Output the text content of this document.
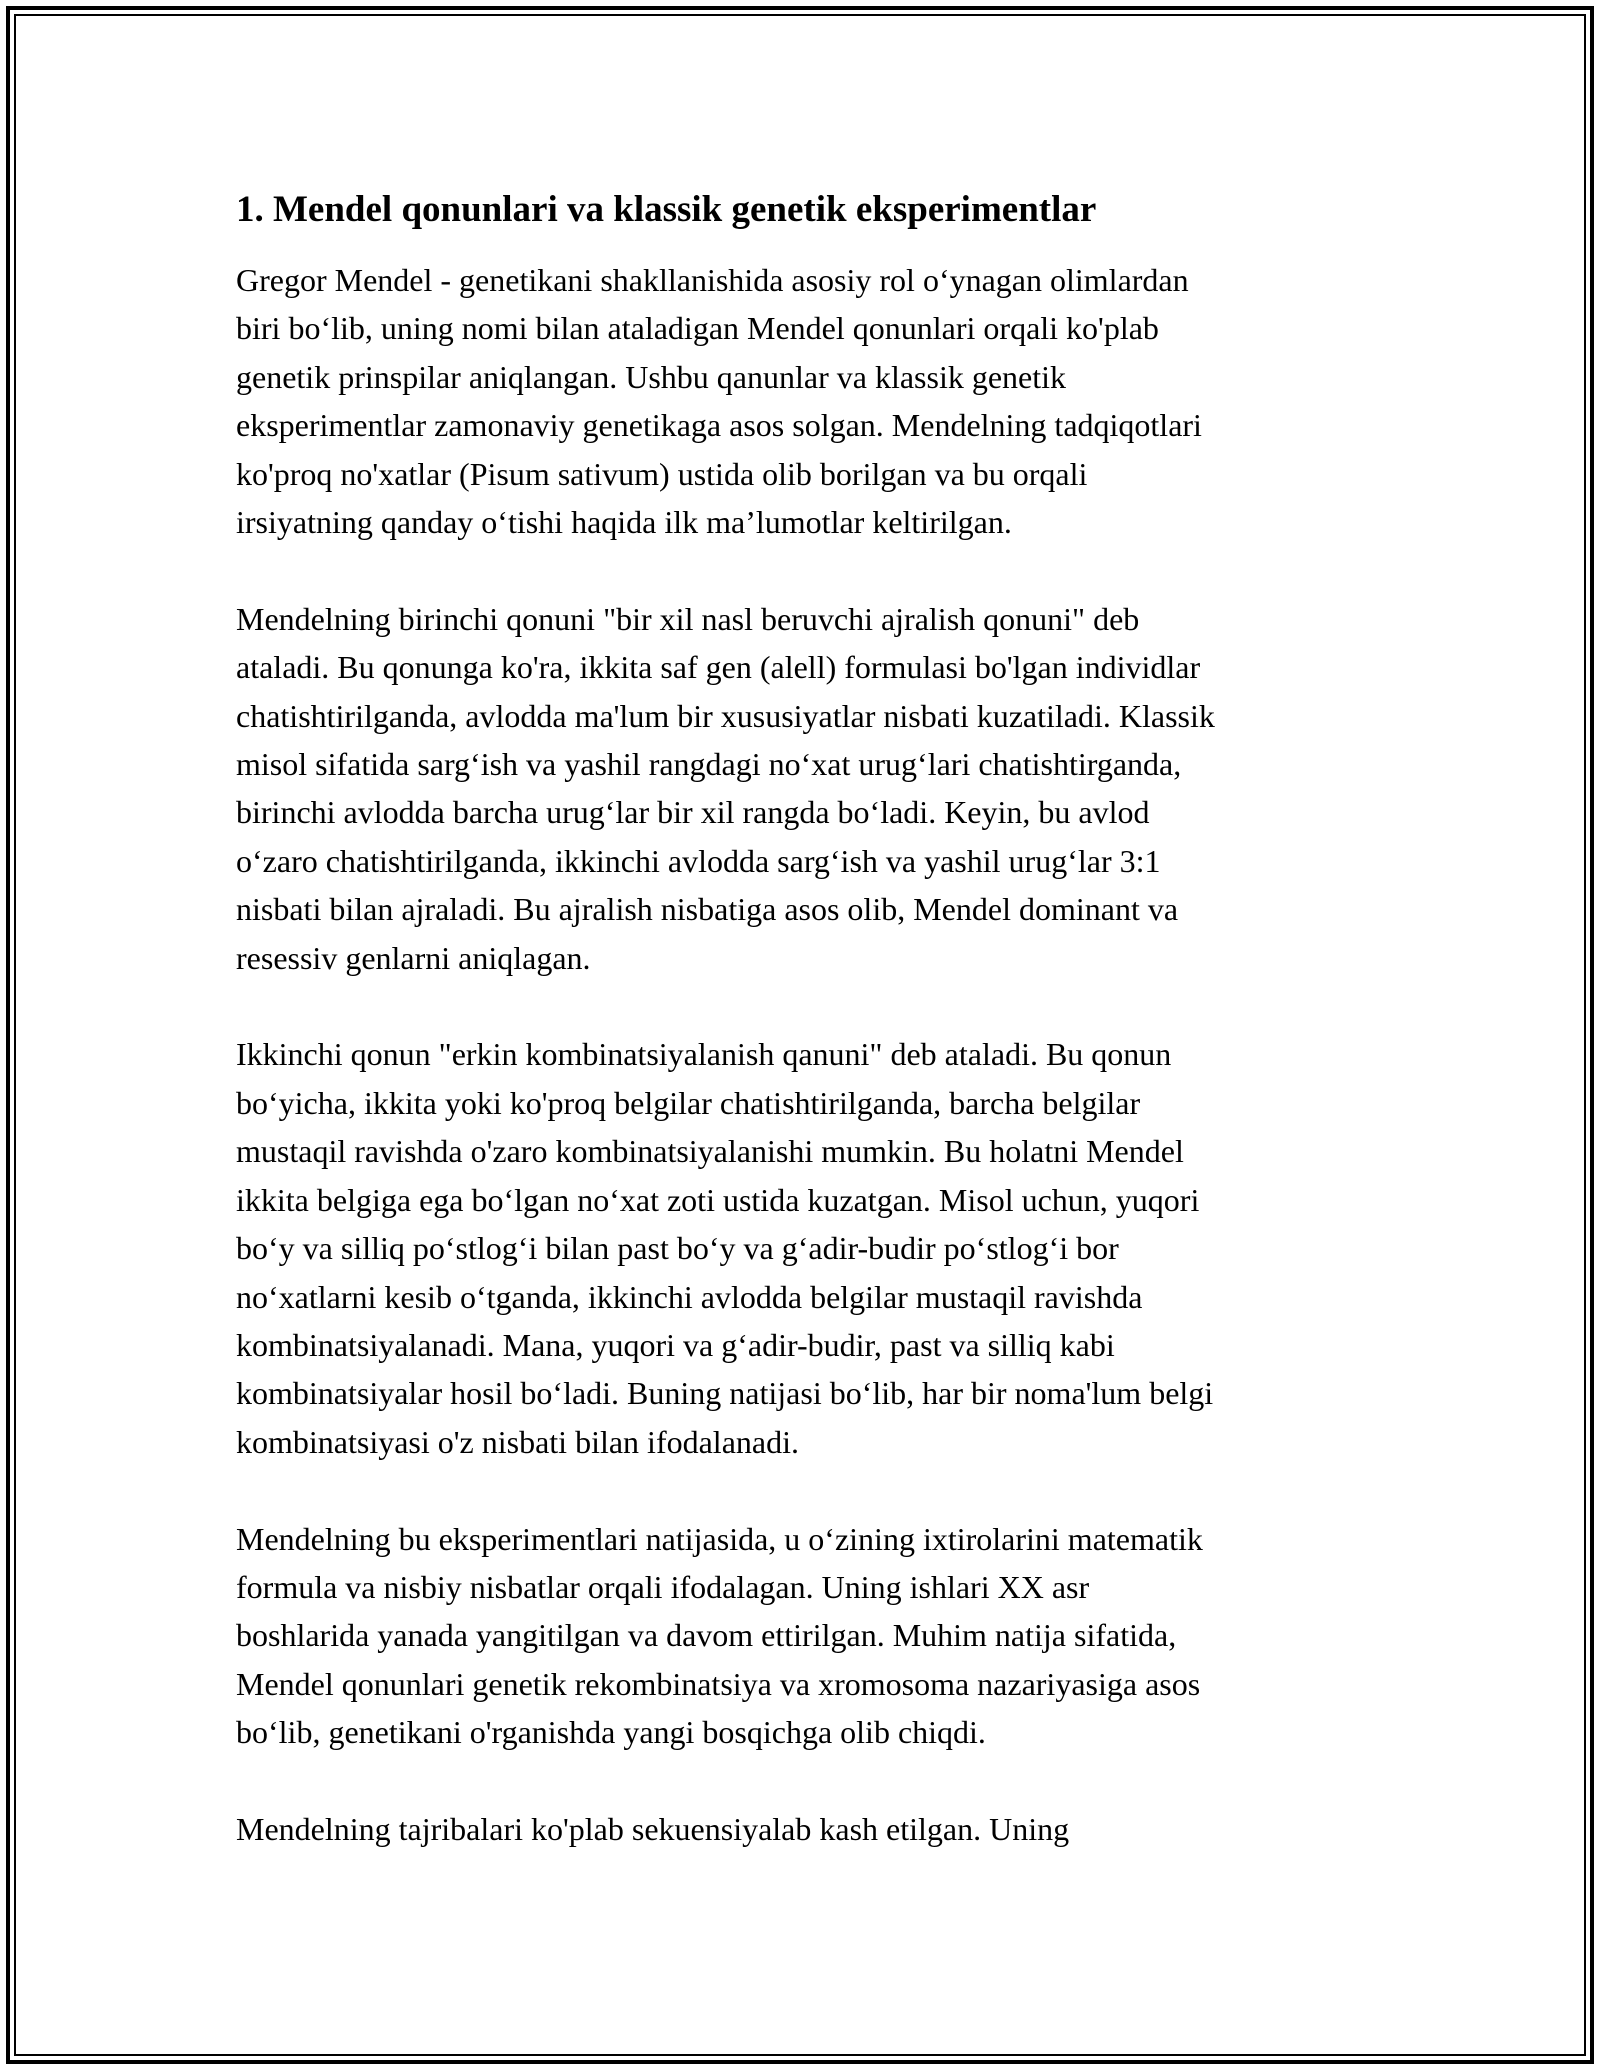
1. Mendel qonunlari va klassik genetik eksperimentlar

Gregor Mendel - genetikani shakllanishida asosiy rol o‘ynagan olimlardan
biri bo‘lib, uning nomi bilan ataladigan Mendel qonunlari orqali ko'plab
genetik prinspilar aniqlangan. Ushbu qanunlar va klassik genetik
eksperimentlar zamonaviy genetikaga asos solgan. Mendelning tadqiqotlari
ko'proq no'xatlar (Pisum sativum) ustida olib borilgan va bu orqali
irsiyatning qanday o‘tishi haqida ilk ma’lumotlar keltirilgan.

Mendelning birinchi qonuni "bir xil nasl beruvchi ajralish qonuni" deb
ataladi. Bu qonunga ko'ra, ikkita saf gen (alell) formulasi bo'lgan individlar
chatishtirilganda, avlodda ma'lum bir xususiyatlar nisbati kuzatiladi. Klassik
misol sifatida sarg‘ish va yashil rangdagi no‘xat urug‘lari chatishtirganda,
birinchi avlodda barcha urug‘lar bir xil rangda bo‘ladi. Keyin, bu avlod
o‘zaro chatishtirilganda, ikkinchi avlodda sarg‘ish va yashil urug‘lar 3:1
nisbati bilan ajraladi. Bu ajralish nisbatiga asos olib, Mendel dominant va
resessiv genlarni aniqlagan.

Ikkinchi qonun "erkin kombinatsiyalanish qanuni" deb ataladi. Bu qonun
bo‘yicha, ikkita yoki ko'proq belgilar chatishtirilganda, barcha belgilar
mustaqil ravishda o'zaro kombinatsiyalanishi mumkin. Bu holatni Mendel
ikkita belgiga ega bo‘lgan no‘xat zoti ustida kuzatgan. Misol uchun, yuqori
bo‘y va silliq po‘stlog‘i bilan past bo‘y va g‘adir-budir po‘stlog‘i bor
no‘xatlarni kesib o‘tganda, ikkinchi avlodda belgilar mustaqil ravishda
kombinatsiyalanadi. Mana, yuqori va g‘adir-budir, past va silliq kabi
kombinatsiyalar hosil bo‘ladi. Buning natijasi bo‘lib, har bir noma'lum belgi
kombinatsiyasi o'z nisbati bilan ifodalanadi.

Mendelning bu eksperimentlari natijasida, u o‘zining ixtirolarini matematik
formula va nisbiy nisbatlar orqali ifodalagan. Uning ishlari XX asr
boshlarida yanada yangitilgan va davom ettirilgan. Muhim natija sifatida,
Mendel qonunlari genetik rekombinatsiya va xromosoma nazariyasiga asos
bo‘lib, genetikani o'rganishda yangi bosqichga olib chiqdi.

Mendelning tajribalari ko'plab sekuensiyalab kash etilgan. Uning
